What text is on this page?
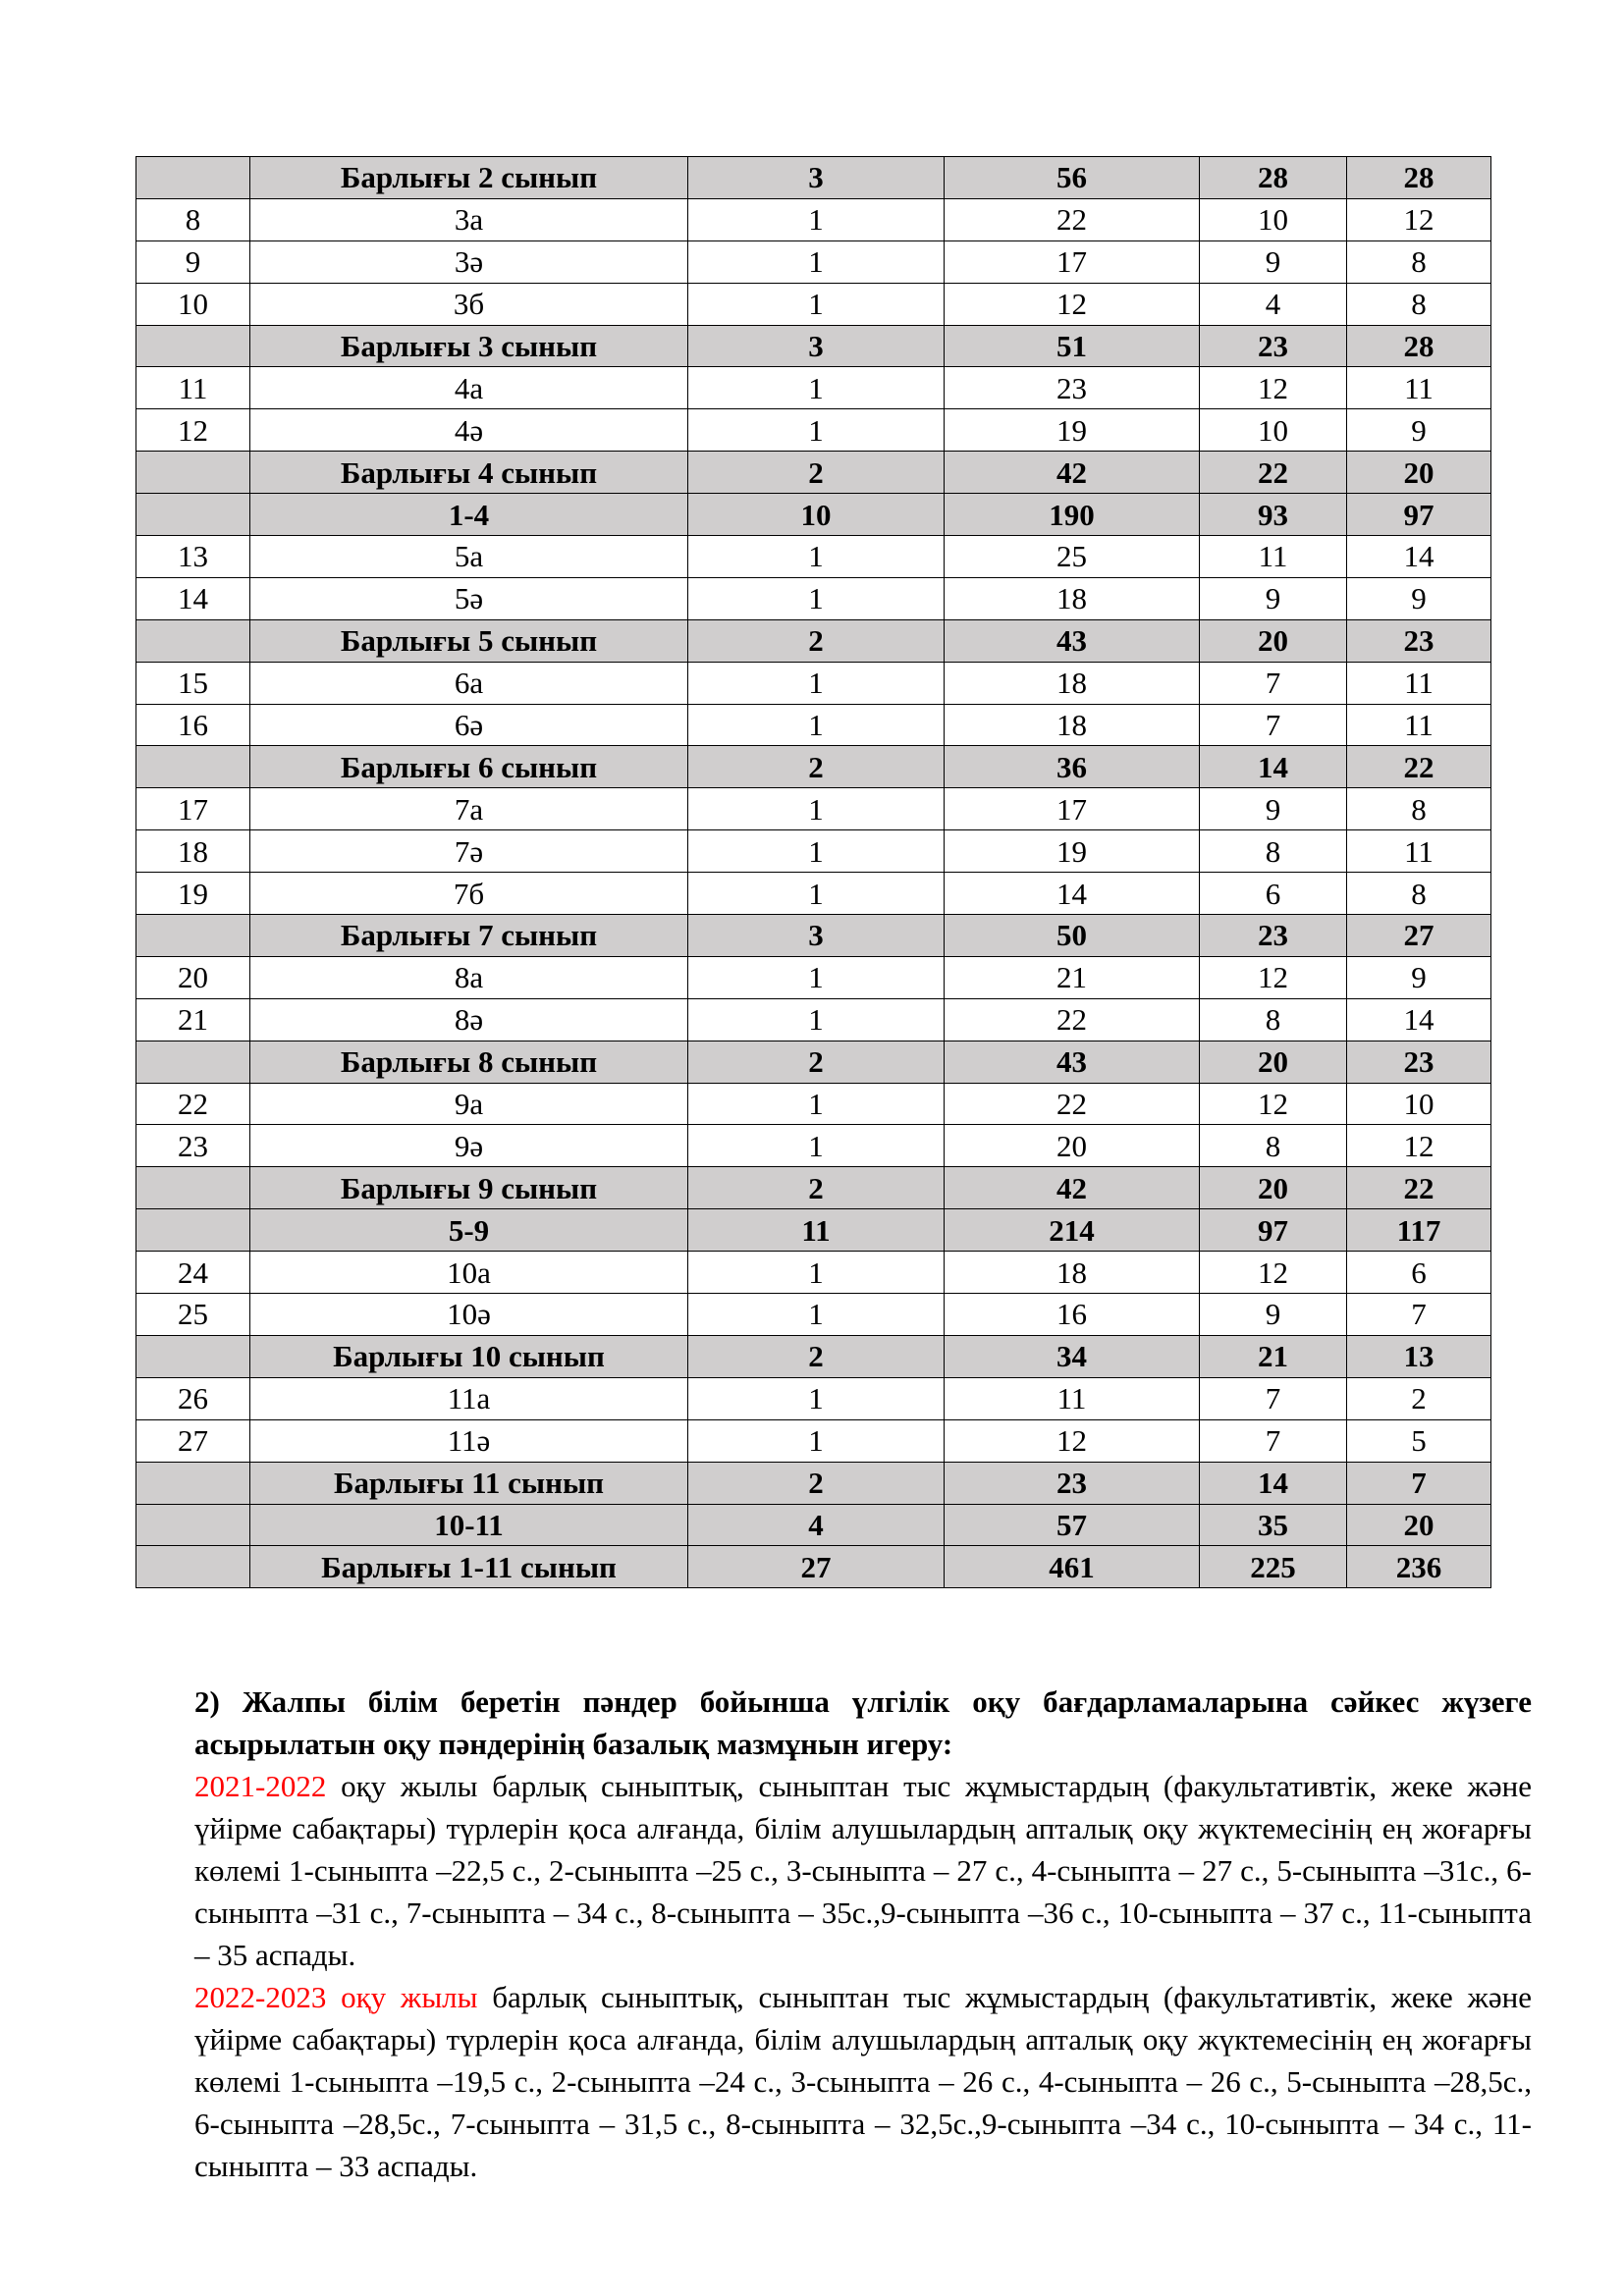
	Барлығы 2 сынып	3	56	28	28
8	3а	1	22	10	12
9	3ә	1	17	9	8
10	3б	1	12	4	8
	Барлығы 3 сынып	3	51	23	28
11	4а	1	23	12	11
12	4ә	1	19	10	9
	Барлығы 4 сынып	2	42	22	20
	1-4	10	190	93	97
13	5а	1	25	11	14
14	5ә	1	18	9	9
	Барлығы 5 сынып	2	43	20	23
15	6а	1	18	7	11
16	6ә	1	18	7	11
	Барлығы 6 сынып	2	36	14	22
17	7а	1	17	9	8
18	7ә	1	19	8	11
19	7б	1	14	6	8
	Барлығы 7 сынып	3	50	23	27
20	8а	1	21	12	9
21	8ә	1	22	8	14
	Барлығы 8 сынып	2	43	20	23
22	9а	1	22	12	10
23	9ә	1	20	8	12
	Барлығы 9 сынып	2	42	20	22
	5-9	11	214	97	117
24	10а	1	18	12	6
25	10ә	1	16	9	7
	Барлығы 10 сынып	2	34	21	13
26	11а	1	11	7	2
27	11ә	1	12	7	5
	Барлығы 11 сынып	2	23	14	7
	10-11	4	57	35	20
	Барлығы 1-11 сынып	27	461	225	236

2) Жалпы білім беретін пәндер бойынша үлгілік оқу бағдарламаларына сәйкес жүзеге асырылатын оқу пәндерінің базалық мазмұнын игеру:

2021-2022 оқу жылы барлық сыныптық, сыныптан тыс жұмыстардың (факультативтік, жеке және үйірме сабақтары) түрлерін қоса алғанда, білім алушылардың апталық оқу жүктемесінің ең жоғарғы көлемі 1-сыныпта –22,5 с., 2-сыныпта –25 с., 3-сыныпта – 27 с., 4-сыныпта – 27 с., 5-сыныпта –31с., 6-сыныпта –31 с., 7-сыныпта – 34 с., 8-сыныпта – 35с.,9-сыныпта –36 с., 10-сыныпта – 37 с., 11-сыныпта – 35 аспады.

2022-2023 оқу жылы барлық сыныптық, сыныптан тыс жұмыстардың (факультативтік, жеке және үйірме сабақтары) түрлерін қоса алғанда, білім алушылардың апталық оқу жүктемесінің ең жоғарғы көлемі 1-сыныпта –19,5 с., 2-сыныпта –24 с., 3-сыныпта – 26 с., 4-сыныпта – 26 с., 5-сыныпта –28,5с., 6-сыныпта –28,5с., 7-сыныпта – 31,5 с., 8-сыныпта – 32,5с.,9-сыныпта –34 с., 10-сыныпта – 34 с., 11-сыныпта – 33 аспады.
